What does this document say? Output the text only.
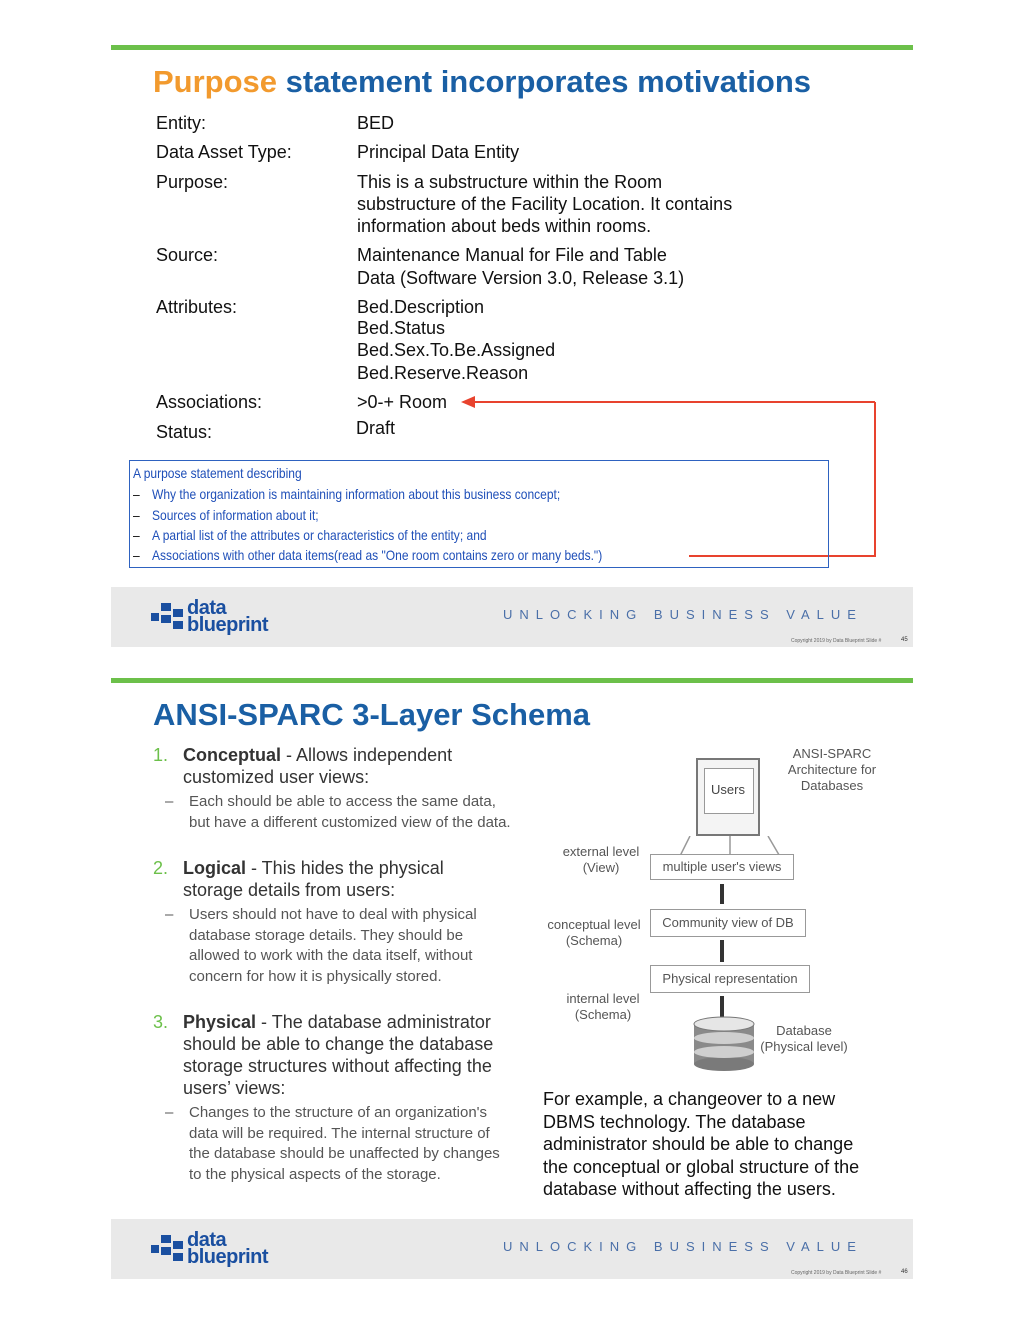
Purpose statement incorporates motivations
Entity:	BED
Data Asset Type:	Principal Data Entity
Purpose:	This is a substructure within the Room
substructure of the Facility Location. It contains
information about beds within rooms.
Source:	Maintenance Manual for File and Table
Data (Software Version 3.0, Release 3.1)
Attributes:	Bed.Description
Bed.Status
Bed.Sex.To.Be.Assigned
Bed.Reserve.Reason
Associations:	>0-+ Room
Status:	Draft
A purpose statement describing
– Why the organization is maintaining information about this business concept;
– Sources of information about it;
– A partial list of the attributes or characteristics of the entity; and
– Associations with other data items(read as "One room contains zero or many beds.")
data
blueprint	UNLOCKING BUSINESS VALUE
Copyright 2019 by Data Blueprint Slide #	45
ANSI-SPARC 3-Layer Schema
1. Conceptual - Allows independent customized user views:
– Each should be able to access the same data, but have a different customized view of the data.
2. Logical - This hides the physical storage details from users:
– Users should not have to deal with physical database storage details. They should be allowed to work with the data itself, without concern for how it is physically stored.
3. Physical - The database administrator should be able to change the database storage structures without affecting the users’ views:
– Changes to the structure of an organization's data will be required. The internal structure of the database should be unaffected by changes to the physical aspects of the storage.
ANSI-SPARC Architecture for Databases
Users
external level (View)	multiple user's views
conceptual level (Schema)
Community view of DB
internal level (Schema)
Physical representation
Database (Physical level)
For example, a changeover to a new DBMS technology. The database administrator should be able to change the conceptual or global structure of the database without affecting the users.
data
blueprint	UNLOCKING BUSINESS VALUE
Copyright 2019 by Data Blueprint Slide #	46
